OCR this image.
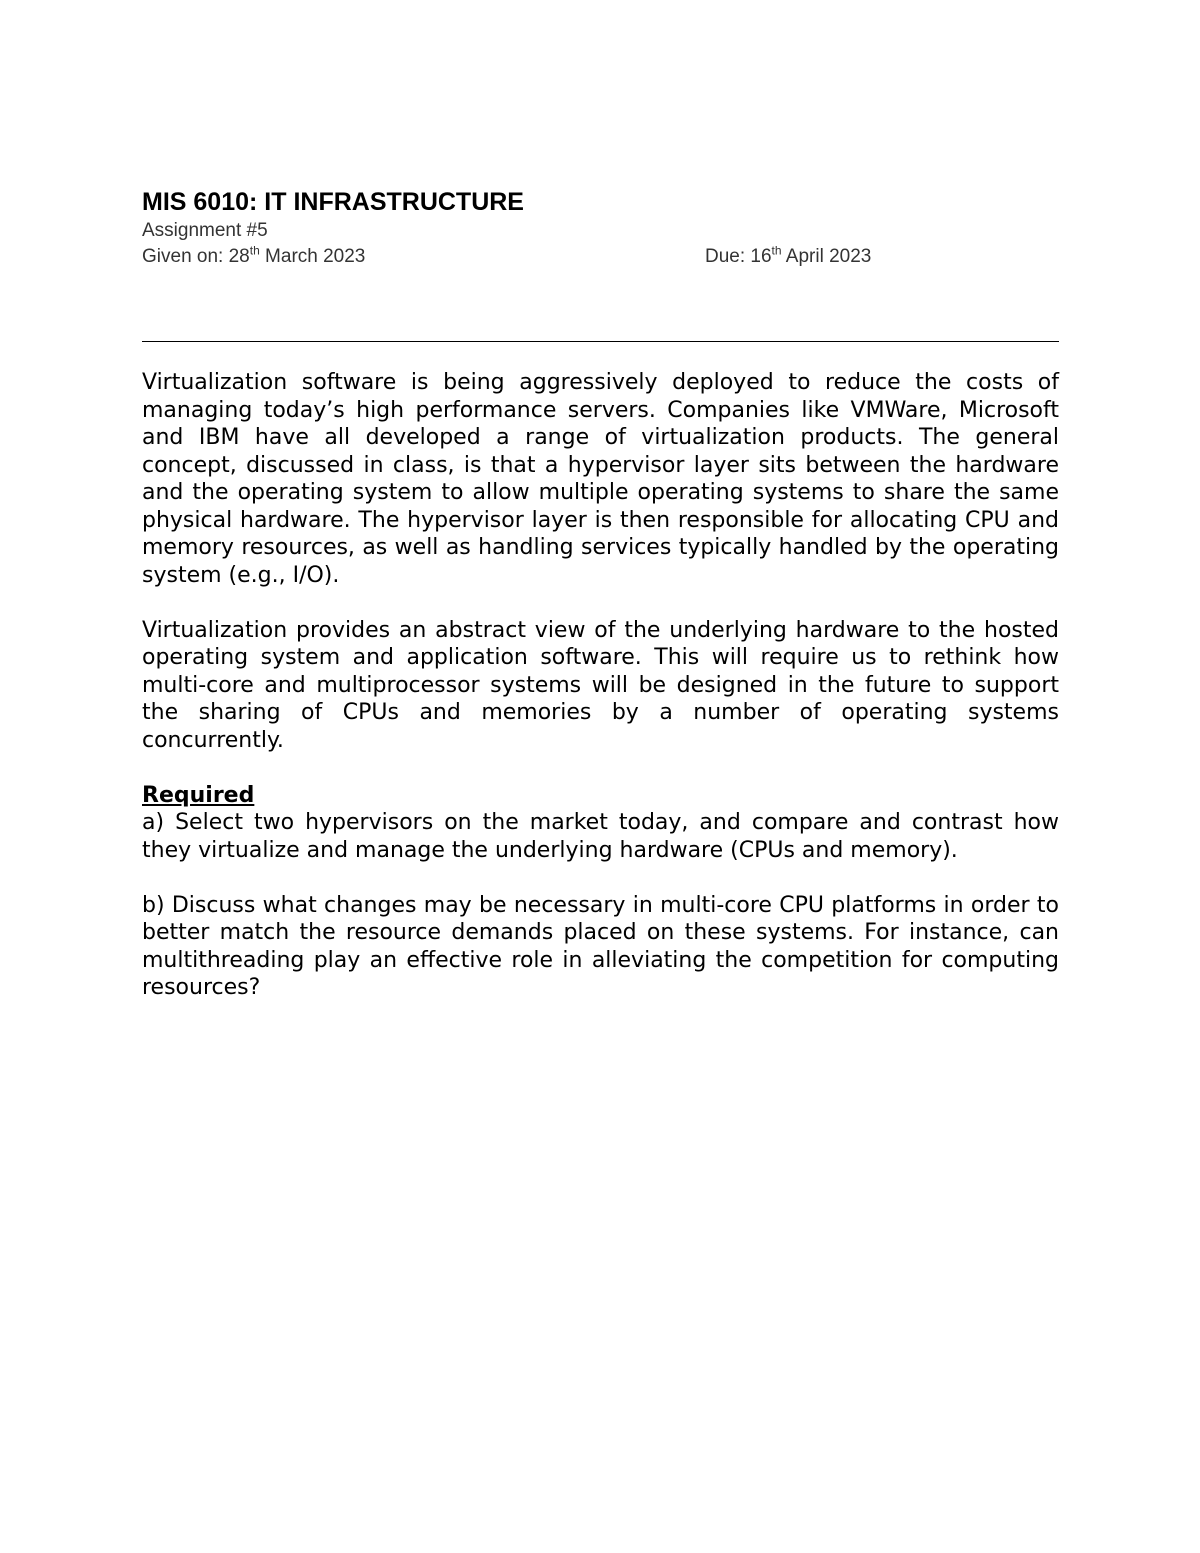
MIS 6010: IT INFRASTRUCTURE
Assignment #5
Given on: 28th March 2023	Due: 16th April 2023

Virtualization software is being aggressively deployed to reduce the costs of managing today’s high performance servers. Companies like VMWare, Microsoft and IBM have all developed a range of virtualization products. The general concept, discussed in class, is that a hypervisor layer sits between the hardware and the operating system to allow multiple operating systems to share the same physical hardware. The hypervisor layer is then responsible for allocating CPU and memory resources, as well as handling services typically handled by the operating system (e.g., I/O).

Virtualization provides an abstract view of the underlying hardware to the hosted operating system and application software. This will require us to rethink how multi-core and multiprocessor systems will be designed in the future to support the sharing of CPUs and memories by a number of operating systems concurrently.

Required

a) Select two hypervisors on the market today, and compare and contrast how they virtualize and manage the underlying hardware (CPUs and memory).

b) Discuss what changes may be necessary in multi-core CPU platforms in order to better match the resource demands placed on these systems. For instance, can multithreading play an effective role in alleviating the competition for computing resources?
